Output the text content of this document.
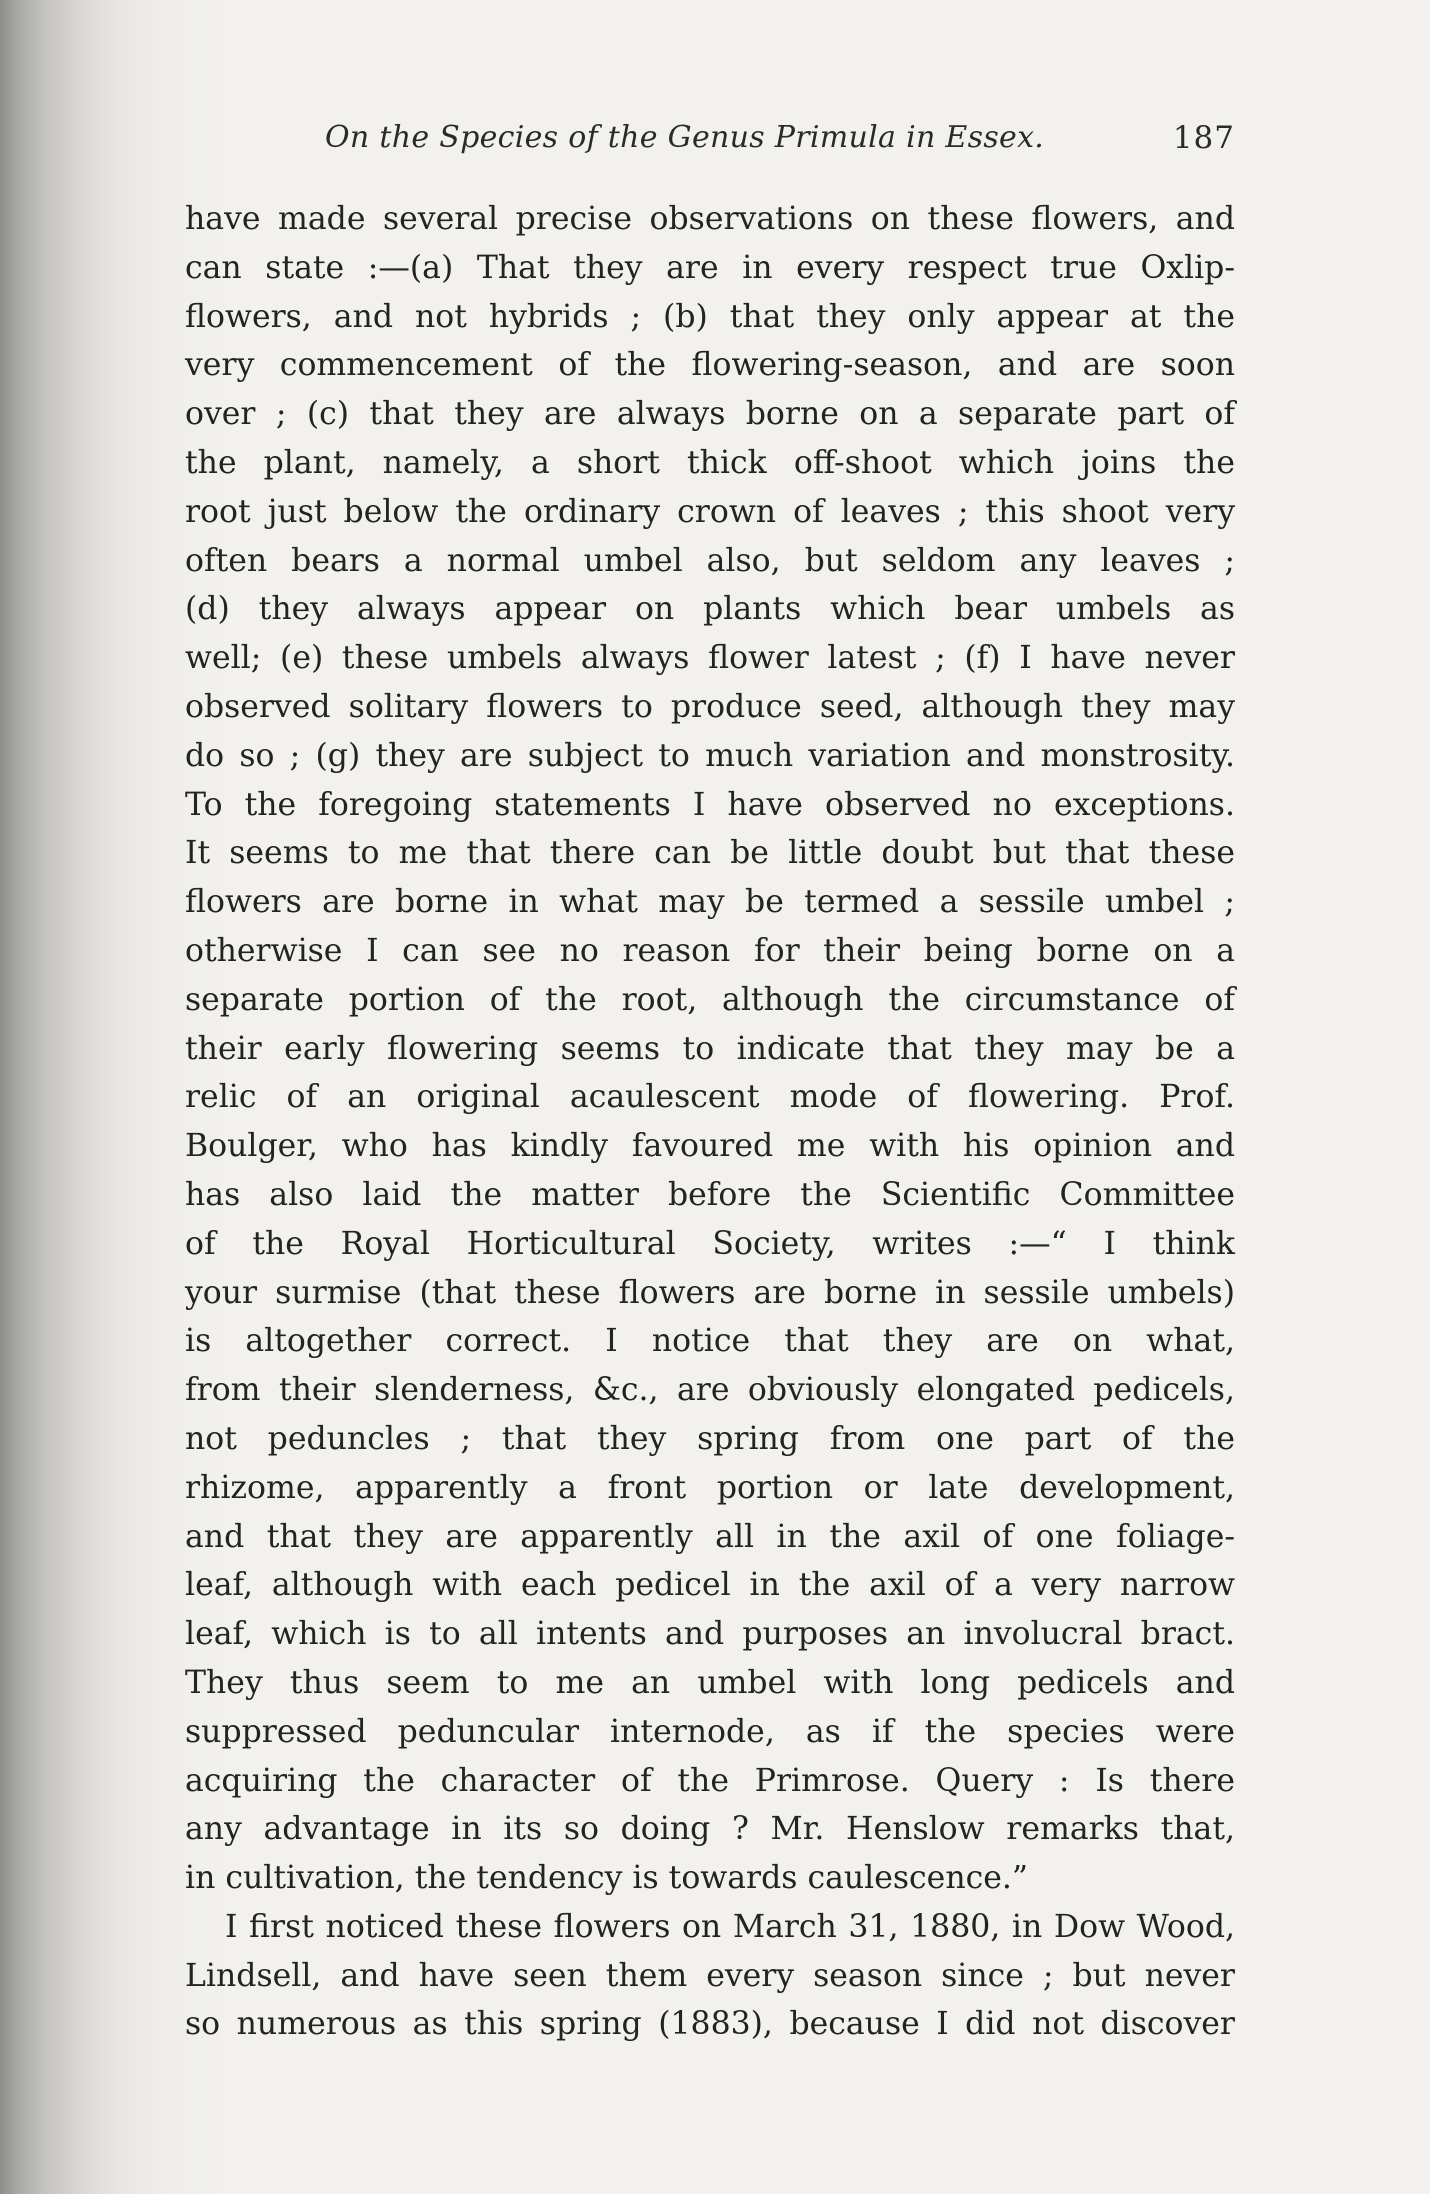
On the Species of the Genus Primula in Essex.	187
have made several precise observations on these flowers, and
can state :—(a) That they are in every respect true Oxlip-
flowers, and not hybrids ; (b) that they only appear at the
very commencement of the flowering-season, and are soon
over ; (c) that they are always borne on a separate part of
the plant, namely, a short thick off-shoot which joins the
root just below the ordinary crown of leaves ; this shoot very
often bears a normal umbel also, but seldom any leaves ;
(d) they always appear on plants which bear umbels as
well; (e) these umbels always flower latest ; (f) I have never
observed solitary flowers to produce seed, although they may
do so ; (g) they are subject to much variation and monstrosity.
To the foregoing statements I have observed no exceptions.
It seems to me that there can be little doubt but that these
flowers are borne in what may be termed a sessile umbel ;
otherwise I can see no reason for their being borne on a
separate portion of the root, although the circumstance of
their early flowering seems to indicate that they may be a
relic of an original acaulescent mode of flowering. Prof.
Boulger, who has kindly favoured me with his opinion and
has also laid the matter before the Scientific Committee
of the Royal Horticultural Society, writes :—“ I think
your surmise (that these flowers are borne in sessile umbels)
is altogether correct. I notice that they are on what,
from their slenderness, &c., are obviously elongated pedicels,
not peduncles ; that they spring from one part of the
rhizome, apparently a front portion or late development,
and that they are apparently all in the axil of one foliage-
leaf, although with each pedicel in the axil of a very narrow
leaf, which is to all intents and purposes an involucral bract.
They thus seem to me an umbel with long pedicels and
suppressed peduncular internode, as if the species were
acquiring the character of the Primrose. Query : Is there
any advantage in its so doing ? Mr. Henslow remarks that,
in cultivation, the tendency is towards caulescence.”
I first noticed these flowers on March 31, 1880, in Dow Wood,
Lindsell, and have seen them every season since ; but never
so numerous as this spring (1883), because I did not discover
